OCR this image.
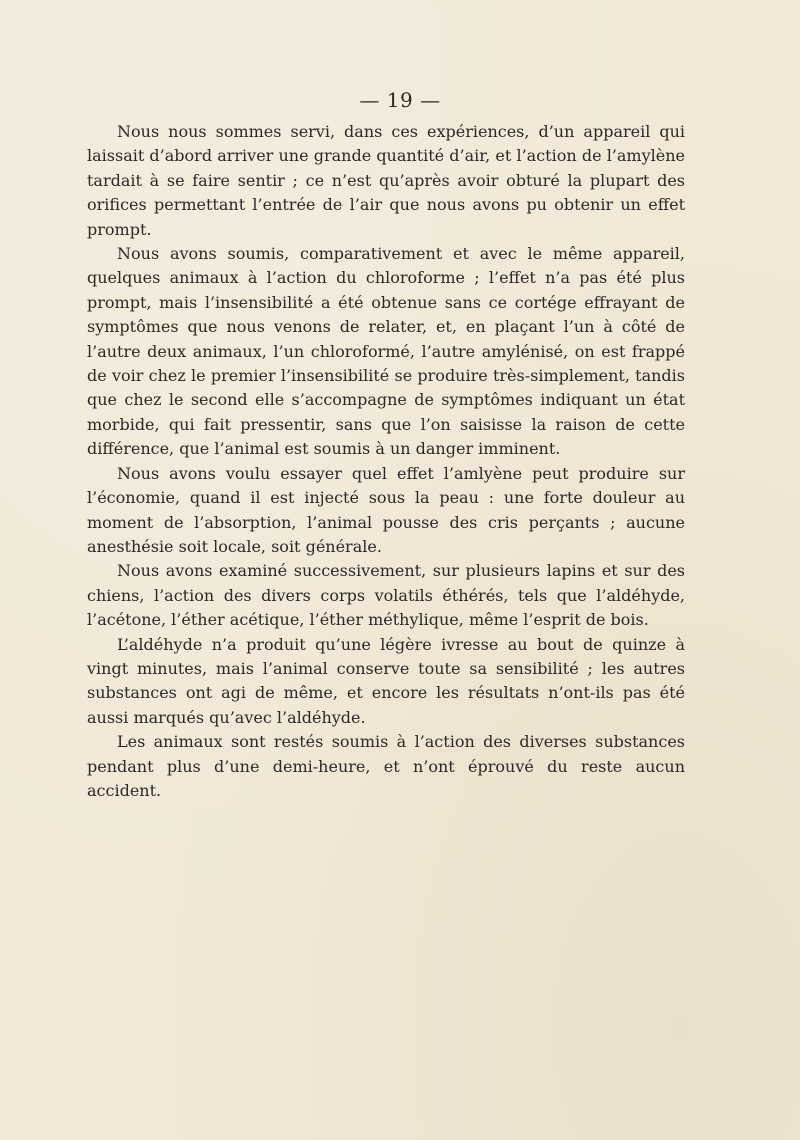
— 19 —

Nous nous sommes servi, dans ces expériences, d’un appareil qui laissait d’abord arriver une grande quantité d’air, et l’action de l’amylène tardait à se faire sentir ; ce n’est qu’après avoir obturé la plupart des orifices permettant l’entrée de l’air que nous avons pu obtenir un effet prompt.

Nous avons soumis, comparativement et avec le même appareil, quelques animaux à l’action du chloroforme ; l’effet n’a pas été plus prompt, mais l’insensibilité a été obtenue sans ce cortége effrayant de symptômes que nous venons de relater, et, en plaçant l’un à côté de l’autre deux animaux, l’un chloroformé, l’autre amylénisé, on est frappé de voir chez le premier l’insensibilité se produire très-simplement, tandis que chez le second elle s’accompagne de symptômes indiquant un état morbide, qui fait pressentir, sans que l’on saisisse la raison de cette différence, que l’animal est soumis à un danger imminent.

Nous avons voulu essayer quel effet l’amlyène peut produire sur l’économie, quand il est injecté sous la peau : une forte douleur au moment de l’absorption, l’animal pousse des cris perçants ; aucune anesthésie soit locale, soit générale.

Nous avons examiné successivement, sur plusieurs lapins et sur des chiens, l’action des divers corps volatils éthérés, tels que l’aldéhyde, l’acétone, l’éther acétique, l’éther méthylique, même l’esprit de bois.

L’aldéhyde n’a produit qu’une légère ivresse au bout de quinze à vingt minutes, mais l’animal conserve toute sa sensibilité ; les autres substances ont agi de même, et encore les résultats n’ont-ils pas été aussi marqués qu’avec l’aldéhyde.

Les animaux sont restés soumis à l’action des diverses substances pendant plus d’une demi-heure, et n’ont éprouvé du reste aucun accident.
